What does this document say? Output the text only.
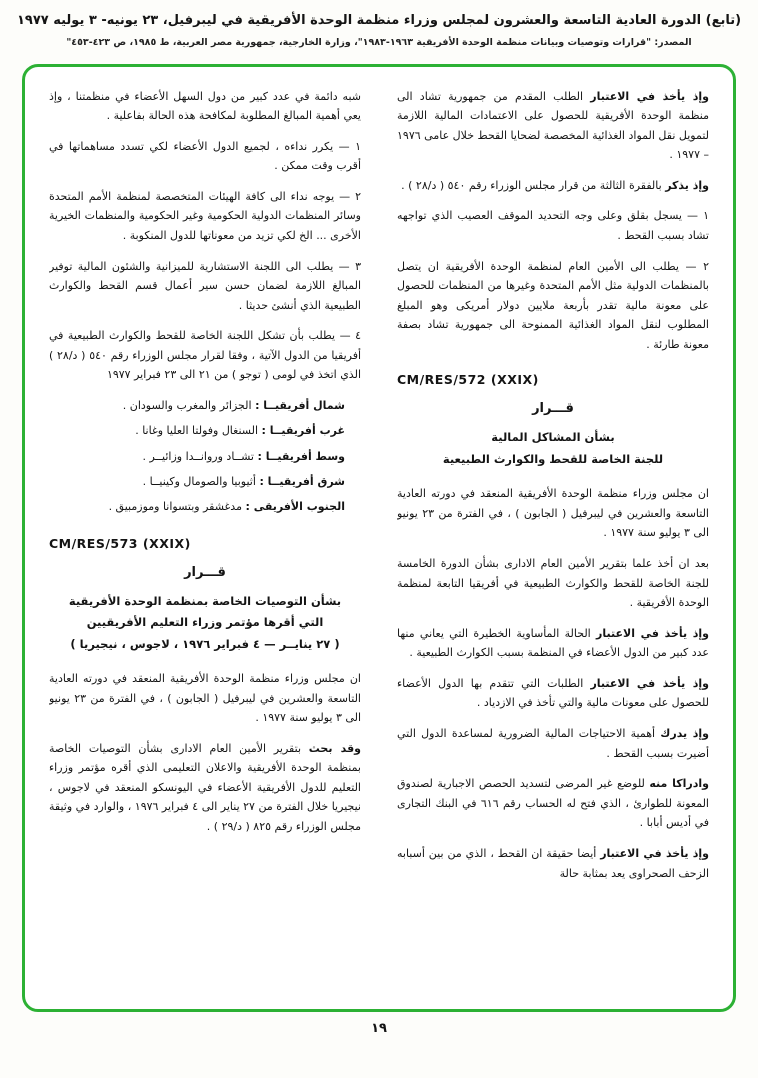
(تابع) الدورة العادية التاسعة والعشرون لمجلس وزراء منظمة الوحدة الأفريقية في ليبرفيل، ٢٣ يونيه- ٣ يوليه ١٩٧٧

المصدر: "قرارات وتوصيات وبيانات منظمة الوحدة الأفريقية ١٩٦٣-١٩٨٣"، وزارة الخارجية، جمهورية مصر العربية، ط ١٩٨٥، ص ٤٢٣-٤٥٣"

وإذ يأخذ في الاعتبار الطلب المقدم من جمهورية تشاد الى منظمة الوحدة الأفريقية للحصول على الاعتمادات المالية اللازمة لتمويل نقل المواد الغذائية المخصصة لضحايا القحط خلال عامى ١٩٧٦ – ١٩٧٧ .

وإذ يذكر بالفقرة الثالثة من قرار مجلس الوزراء رقم ٥٤٠ ( د/٢٨ ) .

١ — يسجل بقلق وعلى وجه التحديد الموقف العصيب الذي تواجهه تشاد بسبب القحط .

٢ — يطلب الى الأمين العام لمنظمة الوحدة الأفريقية ان يتصل بالمنظمات الدولية مثل الأمم المتحدة وغيرها من المنظمات للحصول على معونة مالية تقدر بأربعة ملايين دولار أمريكى وهو المبلغ المطلوب لنقل المواد الغذائية الممنوحة الى جمهورية تشاد بصفة معونة طارئة .

CM/RES/572 (XXIX)

قـــرار

بشأن المشاكل المالية

للجنة الخاصة للقحط والكوارث الطبيعية

ان مجلس وزراء منظمة الوحدة الأفريقية المنعقد في دورته العادية التاسعة والعشرين في ليبرفيل ( الجابون ) ، في الفترة من ٢٣ يونيو الى ٣ يوليو سنة ١٩٧٧ .

بعد ان أخذ علما بتقرير الأمين العام الادارى بشأن الدورة الخامسة للجنة الخاصة للقحط والكوارث الطبيعية في أفريقيا التابعة لمنظمة الوحدة الأفريقية .

وإذ يأخذ في الاعتبار الحالة المأساوية الخطيرة التي يعاني منها عدد كبير من الدول الأعضاء في المنظمة بسبب الكوارث الطبيعية .

وإذ يأخذ في الاعتبار الطلبات التي تتقدم بها الدول الأعضاء للحصول على معونات مالية والتي تأخذ في الازدياد .

وإذ يدرك أهمية الاحتياجات المالية الضرورية لمساعدة الدول التي أضيرت بسبب القحط .

وادراكا منه للوضع غير المرضى لتسديد الحصص الاجبارية لصندوق المعونة للطوارئ ، الذي فتح له الحساب رقم ٦١٦ في البنك التجارى في أديس أبابا .

وإذ يأخذ في الاعتبار أيضا حقيقة ان القحط ، الذي من بين أسبابه الزحف الصحراوى يعد بمثابة حالة

شبه دائمة في عدد كبير من دول السهل الأعضاء في منظمتنا ، وإذ يعي أهمية المبالغ المطلوبة لمكافحة هذه الحالة بفاعلية .

١ — يكرر نداءه ، لجميع الدول الأعضاء لكي تسدد مساهماتها في أقرب وقت ممكن .

٢ — يوجه نداء الى كافة الهيئات المتخصصة لمنظمة الأمم المتحدة وسائر المنظمات الدولية الحكومية وغير الحكومية والمنظمات الخيرية الأخرى ... الخ لكي تزيد من معوناتها للدول المنكوبة .

٣ — يطلب الى اللجنة الاستشارية للميزانية والشئون المالية توفير المبالغ اللازمة لضمان حسن سير أعمال قسم القحط والكوارث الطبيعية الذي أنشئ حديثا .

٤ — يطلب بأن تشكل اللجنة الخاصة للقحط والكوارث الطبيعية في أفريقيا من الدول الآتية ، وفقا لقرار مجلس الوزراء رقم ٥٤٠ ( د/٢٨ ) الذي اتخذ في لومى ( توجو ) من ٢١ الى ٢٣ فبراير ١٩٧٧

شمال أفريقيــا : الجزائر والمغرب والسودان .

غرب أفريقيــا : السنغال وفولتا العليا وغانا .

وسط أفريقيــا : تشــاد وروانــدا وزائيــر .

شرق أفريقيــا : أثيوبيا والصومال وكينيــا .

الجنوب الأفريقى : مدغشقر وبتسوانا وموزمبيق .

CM/RES/573 (XXIX)

قـــرار

بشأن التوصيات الخاصة بمنظمة الوحدة الأفريقية

التي أقرها مؤتمر وزراء التعليم الأفريقيين

( ٢٧ ينايــر — ٤ فبراير ١٩٧٦ ، لاجوس ، نيجيريا )

ان مجلس وزراء منظمة الوحدة الأفريقية المنعقد في دورته العادية التاسعة والعشرين في ليبرفيل ( الجابون ) ، في الفترة من ٢٣ يونيو الى ٣ يوليو سنة ١٩٧٧ .

وقد بحث بتقرير الأمين العام الادارى بشأن التوصيات الخاصة بمنظمة الوحدة الأفريقية والاعلان التعليمى الذي أقره مؤتمر وزراء التعليم للدول الأفريقية الأعضاء في اليونسكو المنعقد في لاجوس ، نيجيريا خلال الفترة من ٢٧ يناير الى ٤ فبراير ١٩٧٦ ، والوارد في وثيقة مجلس الوزراء رقم ٨٢٥ ( د/٢٩ ) .

١٩
